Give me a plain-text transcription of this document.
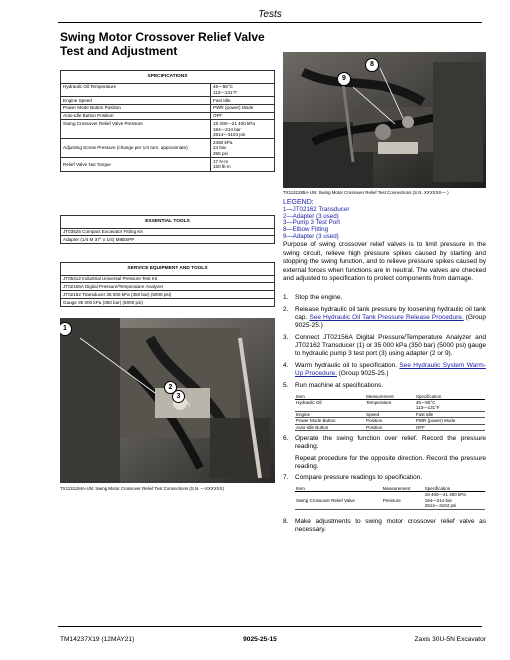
Tests
Swing Motor Crossover Relief Valve Test and Adjustment
SPECIFICATIONS	
Hydraulic Oil Temperature	45—55°C
113—131°F
Engine Speed	Fast Idle
Power Mode Button Position	PWR (power) Mode
Auto-Idle Button Position	OFF
Swing Crossover Relief Valve Pressure	19 400—21 400 kPa
194—214 bar
2814—3104 psi
Adjusting Screw Pressure (change per 1/4 turn, approximate)	2450 kPa
24 bar
355 psi
Relief Valve Nut Torque	17 N·m
150 lb·in
ESSENTIAL TOOLS
JT03525 Compact Excavator Fitting Kit
Adapter (1/4 M 37° x 1/4) M8BSPP
SERVICE EQUIPMENT AND TOOLS
JT05412 Industrial Universal Pressure Test Kit
JT02156A Digital Pressure/Temperature Analyzer
JT02162 Transducer 35 000 kPa (350 bar) (5000 psi)
Gauge 35 000 kPa (350 bar) (5000 psi)
9
8
TX1131285A-UN: Swing Motor Crossover Relief Test Connections (S.N. XXXXXX— )
LEGEND:
1—JT02162 Transducer
2—Adapter (3 used)
3—Pump 3 Test Port
8—Elbow Fitting
9—Adapter (3 used)
Purpose of swing crossover relief valves is to limit pressure in the swing circuit, relieve high pressure spikes caused by starting and stopping the swing function, and to relieve pressure spikes caused by external forces when functions are in neutral. The valves are checked and adjusted to specification to protect components from damage.
1.	Stop the engine.
2.	Release hydraulic oil tank pressure by loosening hydraulic oil tank cap. See Hydraulic Oil Tank Pressure Release Procedure. (Group 9025-25.)
3.	Connect JT02156A Digital Pressure/Temperature Analyzer and JT02162 Transducer (1) or 35 000 kPa (350 bar) (5000 psi) gauge to hydraulic pump 3 test port (3) using adapter (2 or 9).
4.	Warm hydraulic oil to specification. See Hydraulic System Warm-Up Procedure. (Group 9025-25.)
5.	Run machine at specifications.
Item	Measurement	Specification
Hydraulic Oil	Temperature	45—55°C
113—131°F
Engine	Speed	Fast Idle
Power Mode Button	Position	PWR (power) Mode
Auto-Idle Button	Position	OFF
6.	Operate the swing function over relief. Record the pressure reading.
Repeat procedure for the opposite direction. Record the pressure reading.
7.	Compare pressure readings to specification.
Item	Measurement	Specification
Swing Crossover Relief Valve	Pressure	19 400—21 400 kPa
194—214 bar
2814—3104 psi
8.	Make adjustments to swing motor crossover relief valve as necessary.
1
2
3
TX1131194A-UN: Swing Motor Crossover Relief Test Connections (S.N. —XXXXXX)
TM14237X19 (12MAY21)	9025-25-15	Zaxis 30U-5N Excavator
